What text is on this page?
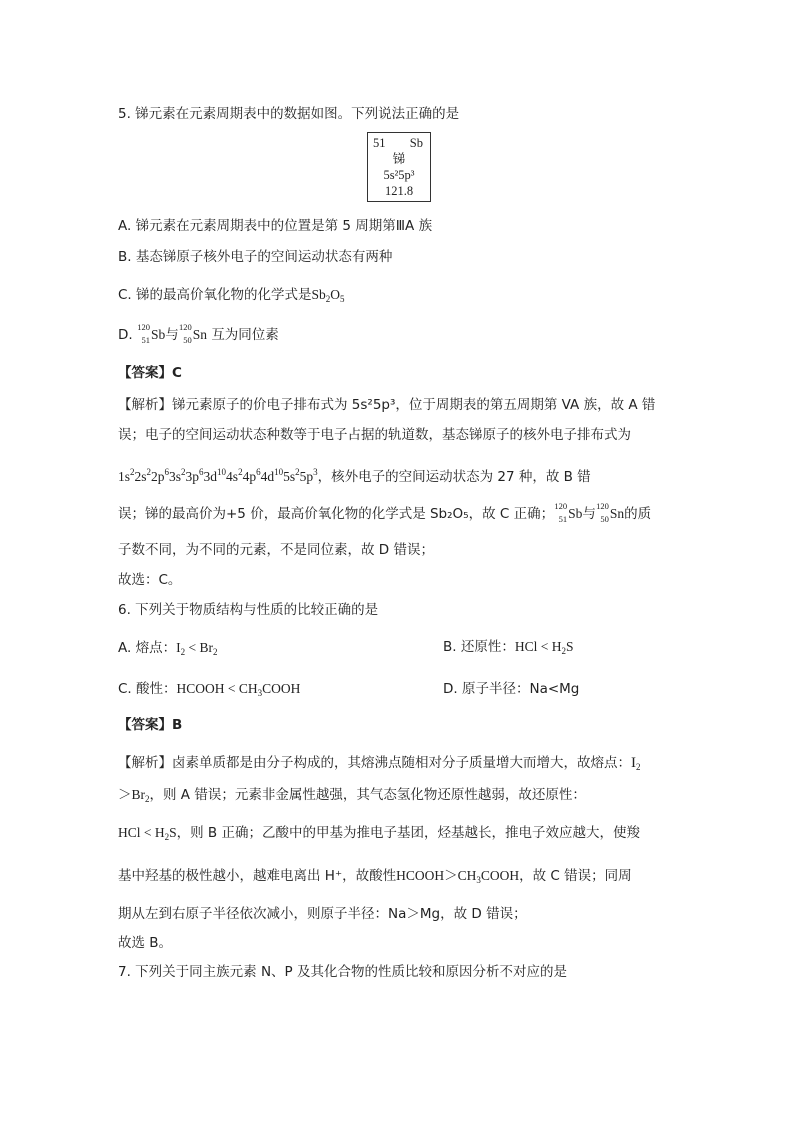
5. 锑元素在元素周期表中的数据如图。下列说法正确的是
51 Sb
锑
5s²5p³
121.8
A. 锑元素在元素周期表中的位置是第 5 周期第ⅢA 族
B. 基态锑原子核外电子的空间运动状态有两种
C. 锑的最高价氧化物的化学式是$Sb_2O_5$
D. 120
51 Sb与 120
50 Sn 互为同位素
【答案】C
【解析】锑元素原子的价电子排布式为 5s²5p³，位于周期表的第五周期第 VA 族，故 A 错
误；电子的空间运动状态种数等于电子占据的轨道数，基态锑原子的核外电子排布式为
$1s^22s^22p^63s^23p^63d^{10}4s^24p^64d^{10}5s^25p^3$，核外电子的空间运动状态为 27 种，故 B 错
误；锑的最高价为+5 价，最高价氧化物的化学式是 Sb₂O₅，故 C 正确； 120
51 Sb与 120
50 Sn的质
子数不同，为不同的元素，不是同位素，故 D 错误；
故选：C。
6. 下列关于物质结构与性质的比较正确的是
A. 熔点：$I_2 < Br_2$	B. 还原性：HCl < $H_2S$
C. 酸性：HCOOH < $CH_3COOH$	D. 原子半径：Na<Mg
【答案】B
【解析】卤素单质都是由分子构成的，其熔沸点随相对分子质量增大而增大，故熔点：$I_2$
$>Br_2$，则 A 错误；元素非金属性越强，其气态氢化物还原性越弱，故还原性：
HCl < $H_2S$，则 B 正确；乙酸中的甲基为推电子基团，烃基越长，推电子效应越大，使羧
基中羟基的极性越小，越难电离出 H⁺，故酸性$HCOOH>CH_3COOH$，故 C 错误；同周
期从左到右原子半径依次减小，则原子半径：Na＞Mg，故 D 错误；
故选 B。
7. 下列关于同主族元素 N、P 及其化合物的性质比较和原因分析不对应的是
